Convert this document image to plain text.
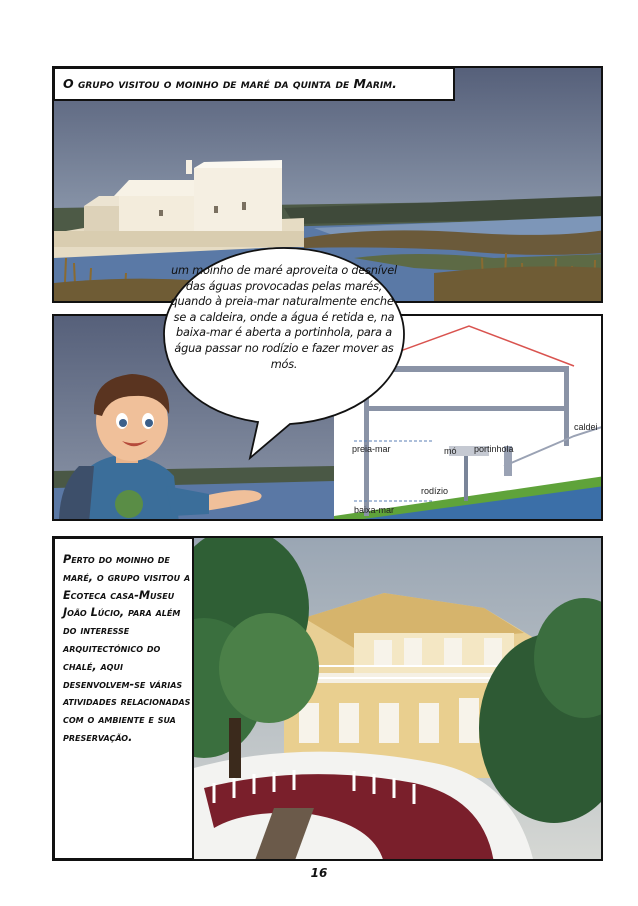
O grupo visitou o moinho de maré da quinta de Marim.
caldei
preia-mar	mó portinhola
rodízio
baixa-mar
um moinho de maré aproveita o desnível das águas provocadas pelas marés, quando à preia-mar naturalmente enche-se a caldeira, onde a água é retida e, na baixa-mar é aberta a portinhola, para a água passar no rodízio e fazer mover as mós.
Perto do moinho de maré, o grupo visitou a Ecoteca casa-Museu João Lúcio, para além do interesse arquitectónico do chalé, aqui desenvolvem-se várias atividades relacionadas com o ambiente e sua preservação.
16
